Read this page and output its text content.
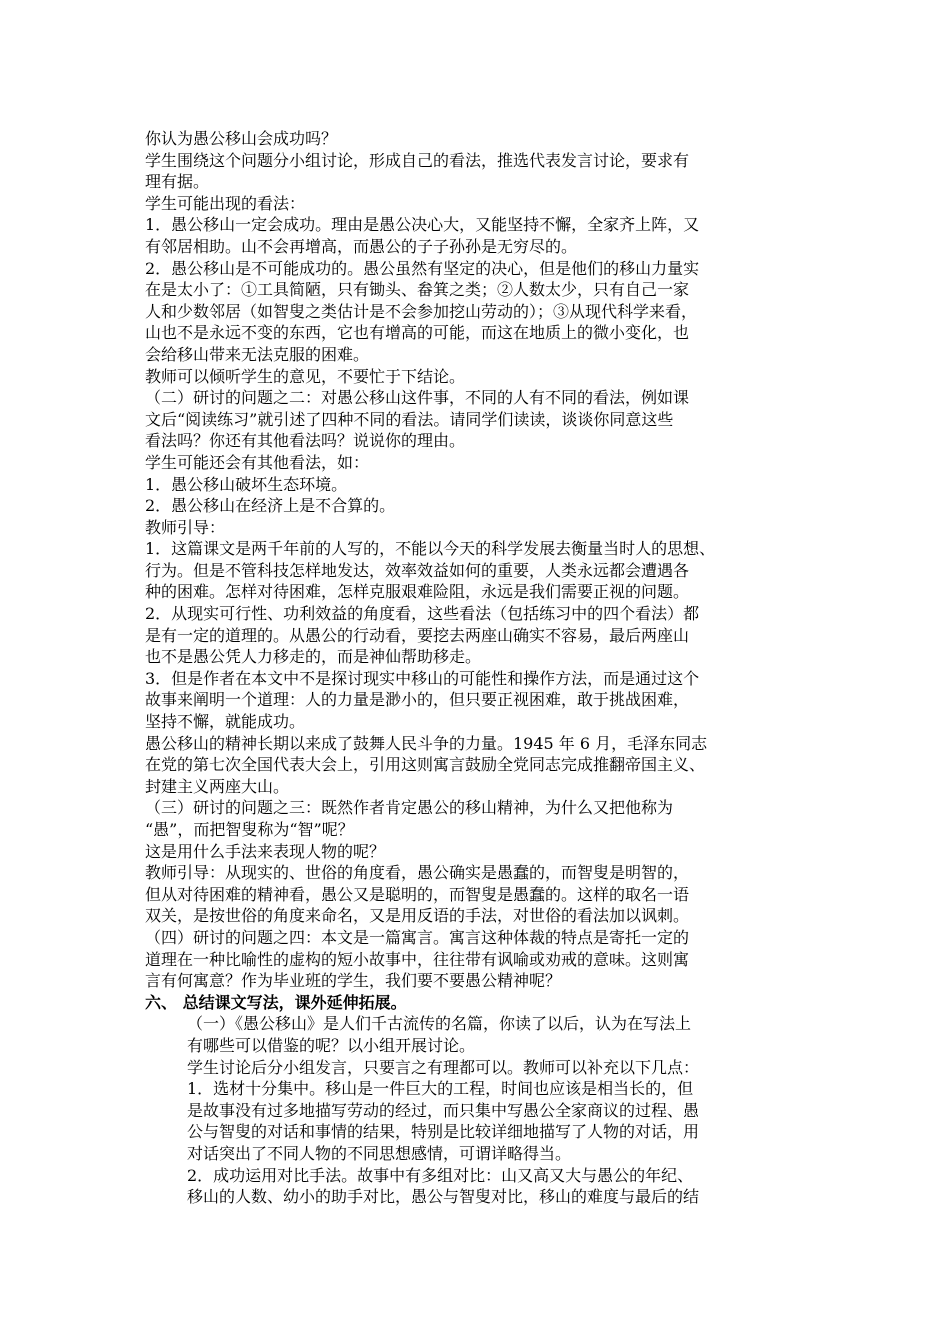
你认为愚公移山会成功吗？
学生围绕这个问题分小组讨论，形成自己的看法，推选代表发言讨论，要求有
理有据。
学生可能出现的看法：
1．愚公移山一定会成功。理由是愚公决心大，又能坚持不懈，全家齐上阵，又
有邻居相助。山不会再增高，而愚公的子子孙孙是无穷尽的。
2．愚公移山是不可能成功的。愚公虽然有坚定的决心，但是他们的移山力量实
在是太小了：①工具简陋，只有锄头、畚箕之类；②人数太少，只有自己一家
人和少数邻居（如智叟之类估计是不会参加挖山劳动的）；③从现代科学来看，
山也不是永远不变的东西，它也有增高的可能，而这在地质上的微小变化，也
会给移山带来无法克服的困难。
教师可以倾听学生的意见，不要忙于下结论。
（二）研讨的问题之二：对愚公移山这件事，不同的人有不同的看法，例如课
文后“阅读练习”就引述了四种不同的看法。请同学们读读，谈谈你同意这些
看法吗？你还有其他看法吗？说说你的理由。
学生可能还会有其他看法，如：
1．愚公移山破坏生态环境。
2．愚公移山在经济上是不合算的。
教师引导：
1．这篇课文是两千年前的人写的，不能以今天的科学发展去衡量当时人的思想、
行为。但是不管科技怎样地发达，效率效益如何的重要，人类永远都会遭遇各
种的困难。怎样对待困难，怎样克服艰难险阻，永远是我们需要正视的问题。
2．从现实可行性、功利效益的角度看，这些看法（包括练习中的四个看法）都
是有一定的道理的。从愚公的行动看，要挖去两座山确实不容易，最后两座山
也不是愚公凭人力移走的，而是神仙帮助移走。
3．但是作者在本文中不是探讨现实中移山的可能性和操作方法，而是通过这个
故事来阐明一个道理：人的力量是渺小的，但只要正视困难，敢于挑战困难，
坚持不懈，就能成功。
愚公移山的精神长期以来成了鼓舞人民斗争的力量。1945 年 6 月，毛泽东同志
在党的第七次全国代表大会上，引用这则寓言鼓励全党同志完成推翻帝国主义、
封建主义两座大山。
（三）研讨的问题之三：既然作者肯定愚公的移山精神，为什么又把他称为
“愚”，而把智叟称为“智”呢？
这是用什么手法来表现人物的呢？
教师引导：从现实的、世俗的角度看，愚公确实是愚蠢的，而智叟是明智的，
但从对待困难的精神看，愚公又是聪明的，而智叟是愚蠢的。这样的取名一语
双关，是按世俗的角度来命名，又是用反语的手法，对世俗的看法加以讽刺。
（四）研讨的问题之四：本文是一篇寓言。寓言这种体裁的特点是寄托一定的
道理在一种比喻性的虚构的短小故事中，往往带有讽喻或劝戒的意味。这则寓
言有何寓意？作为毕业班的学生，我们要不要愚公精神呢？
六、 总结课文写法，课外延伸拓展。
（一）《愚公移山》是人们千古流传的名篇，你读了以后，认为在写法上
有哪些可以借鉴的呢？以小组开展讨论。
学生讨论后分小组发言，只要言之有理都可以。教师可以补充以下几点：
1．选材十分集中。移山是一件巨大的工程，时间也应该是相当长的，但
是故事没有过多地描写劳动的经过，而只集中写愚公全家商议的过程、愚
公与智叟的对话和事情的结果，特别是比较详细地描写了人物的对话，用
对话突出了不同人物的不同思想感情，可谓详略得当。
2．成功运用对比手法。故事中有多组对比：山又高又大与愚公的年纪、
移山的人数、幼小的助手对比，愚公与智叟对比，移山的难度与最后的结
